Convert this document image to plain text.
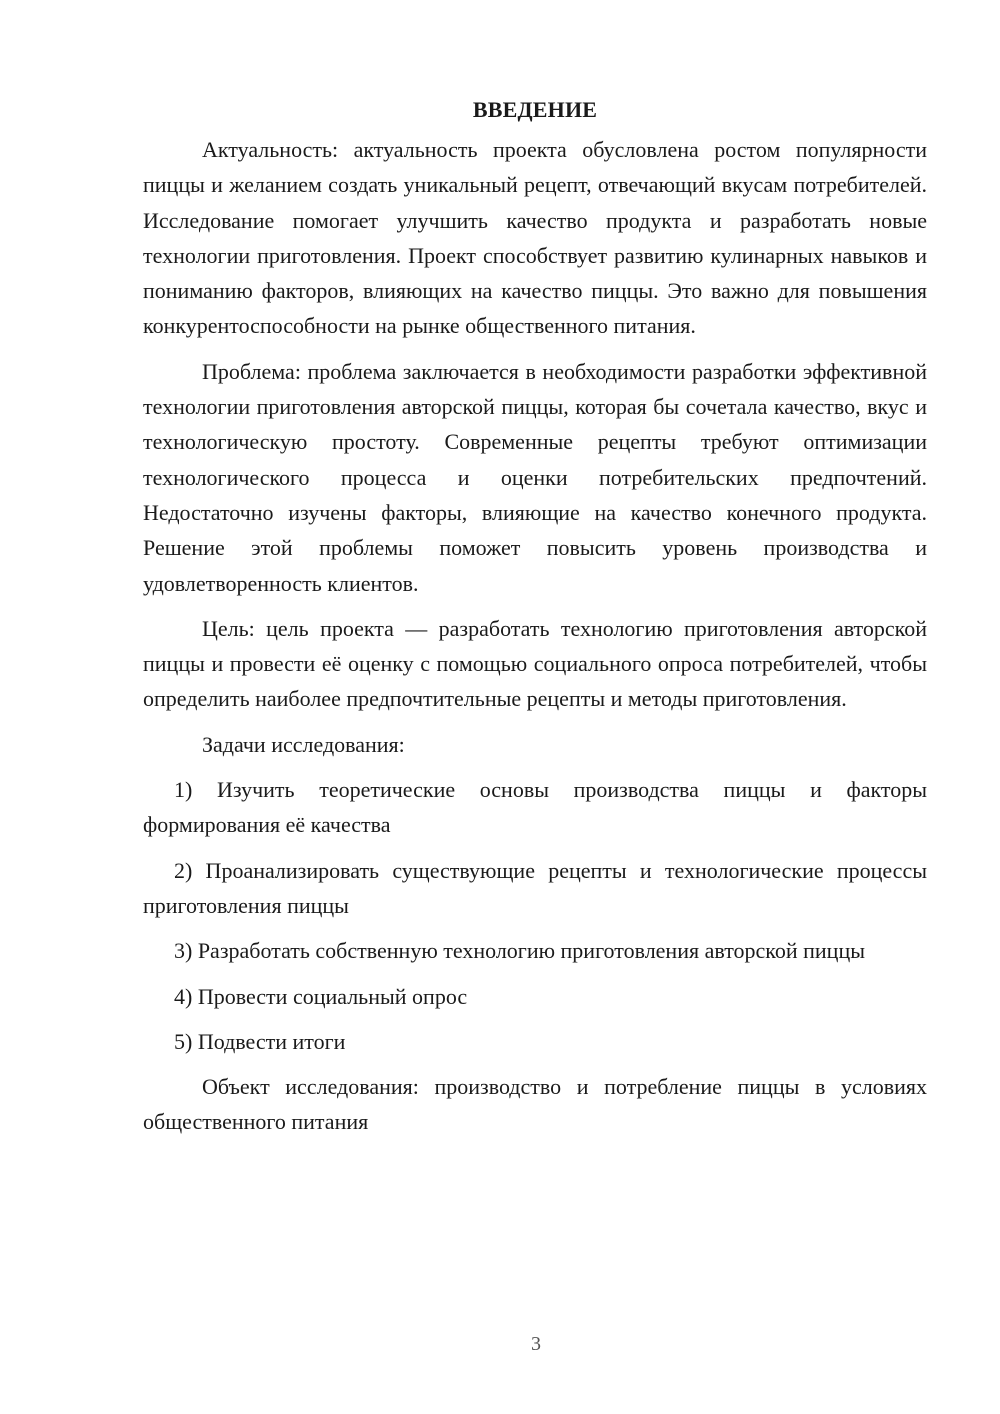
ВВЕДЕНИЕ

Актуальность: актуальность проекта обусловлена ростом популярности пиццы и желанием создать уникальный рецепт, отвечающий вкусам потребителей. Исследование помогает улучшить качество продукта и разработать новые технологии приготовления. Проект способствует развитию кулинарных навыков и пониманию факторов, влияющих на качество пиццы. Это важно для повышения конкурентоспособности на рынке общественного питания.

Проблема: проблема заключается в необходимости разработки эффективной технологии приготовления авторской пиццы, которая бы сочетала качество, вкус и технологическую простоту. Современные рецепты требуют оптимизации технологического процесса и оценки потребительских предпочтений. Недостаточно изучены факторы, влияющие на качество конечного продукта. Решение этой проблемы поможет повысить уровень производства и удовлетворенность клиентов.

Цель: цель проекта — разработать технологию приготовления авторской пиццы и провести её оценку с помощью социального опроса потребителей, чтобы определить наиболее предпочтительные рецепты и методы приготовления.

Задачи исследования:

1) Изучить теоретические основы производства пиццы и факторы формирования её качества

2) Проанализировать существующие рецепты и технологические процессы приготовления пиццы

3) Разработать собственную технологию приготовления авторской пиццы

4) Провести социальный опрос

5) Подвести итоги

Объект исследования: производство и потребление пиццы в условиях общественного питания

3
